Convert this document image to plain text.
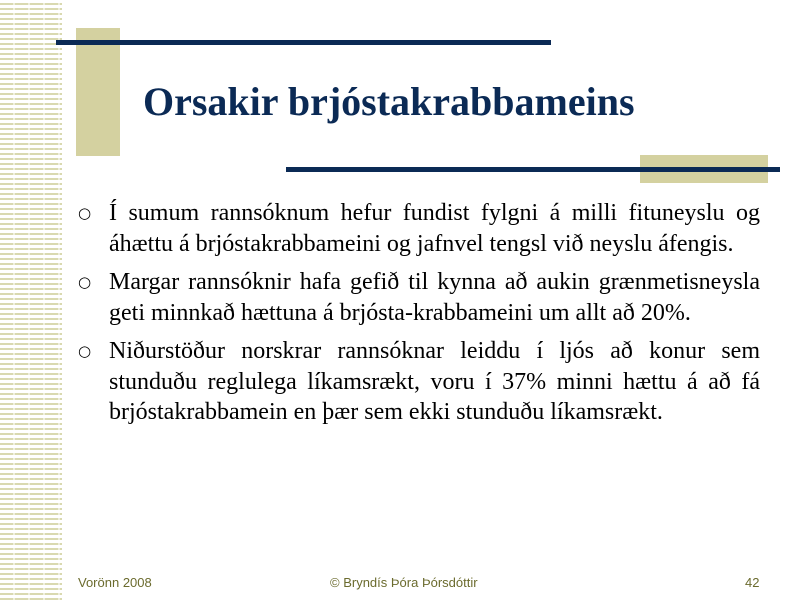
Orsakir brjóstakrabbameins
○ Í sumum rannsóknum hefur fundist fylgni á milli fituneyslu og áhættu á brjóstakrabbameini og jafnvel tengsl við neyslu áfengis.
○ Margar rannsóknir hafa gefið til kynna að aukin grænmetisneysla geti minnkað hættuna á brjósta-krabbameini um allt að 20%.
○ Niðurstöður norskrar rannsóknar leiddu í ljós að konur sem stunduðu reglulega líkamsrækt, voru í 37% minni hættu á að fá brjóstakrabbamein en þær sem ekki stunduðu líkamsrækt.

Vorönn 2008	© Bryndís Þóra Þórsdóttir	42
